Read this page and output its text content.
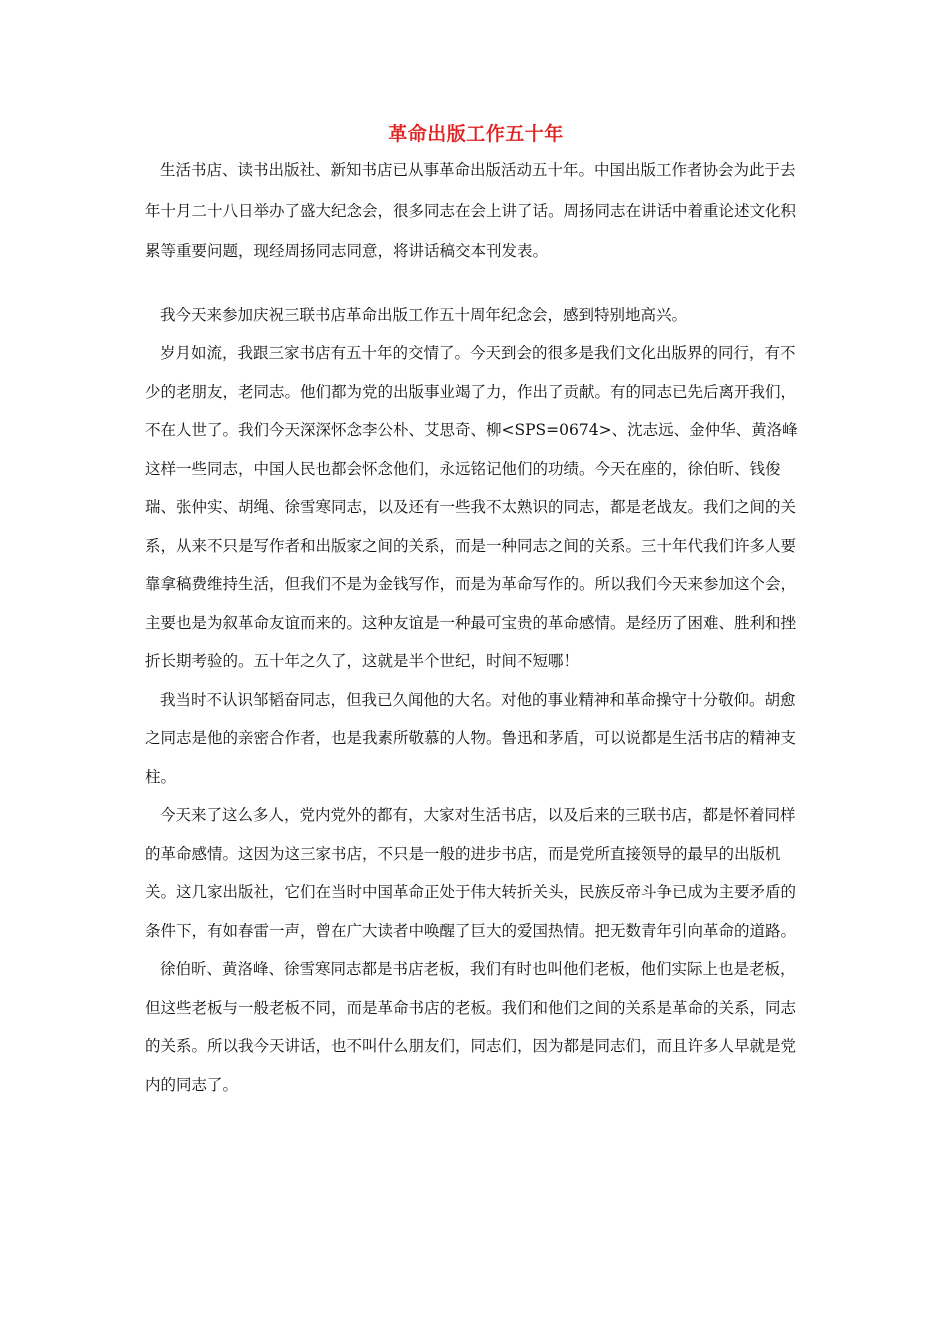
革命出版工作五十年

生活书店、读书出版社、新知书店已从事革命出版活动五十年。中国出版工作者协会为此于去年十月二十八日举办了盛大纪念会，很多同志在会上讲了话。周扬同志在讲话中着重论述文化积累等重要问题，现经周扬同志同意，将讲话稿交本刊发表。

我今天来参加庆祝三联书店革命出版工作五十周年纪念会，感到特别地高兴。

岁月如流，我跟三家书店有五十年的交情了。今天到会的很多是我们文化出版界的同行，有不少的老朋友，老同志。他们都为党的出版事业竭了力，作出了贡献。有的同志已先后离开我们，不在人世了。我们今天深深怀念李公朴、艾思奇、柳<SPS=0674>、沈志远、金仲华、黄洛峰这样一些同志，中国人民也都会怀念他们，永远铭记他们的功绩。今天在座的，徐伯昕、钱俊瑞、张仲实、胡绳、徐雪寒同志，以及还有一些我不太熟识的同志，都是老战友。我们之间的关系，从来不只是写作者和出版家之间的关系，而是一种同志之间的关系。三十年代我们许多人要靠拿稿费维持生活，但我们不是为金钱写作，而是为革命写作的。所以我们今天来参加这个会，主要也是为叙革命友谊而来的。这种友谊是一种最可宝贵的革命感情。是经历了困难、胜利和挫折长期考验的。五十年之久了，这就是半个世纪，时间不短哪！

我当时不认识邹韬奋同志，但我已久闻他的大名。对他的事业精神和革命操守十分敬仰。胡愈之同志是他的亲密合作者，也是我素所敬慕的人物。鲁迅和茅盾，可以说都是生活书店的精神支柱。

今天来了这么多人，党内党外的都有，大家对生活书店，以及后来的三联书店，都是怀着同样的革命感情。这因为这三家书店，不只是一般的进步书店，而是党所直接领导的最早的出版机关。这几家出版社，它们在当时中国革命正处于伟大转折关头，民族反帝斗争已成为主要矛盾的条件下，有如春雷一声，曾在广大读者中唤醒了巨大的爱国热情。把无数青年引向革命的道路。

徐伯昕、黄洛峰、徐雪寒同志都是书店老板，我们有时也叫他们老板，他们实际上也是老板，但这些老板与一般老板不同，而是革命书店的老板。我们和他们之间的关系是革命的关系，同志的关系。所以我今天讲话，也不叫什么朋友们，同志们，因为都是同志们，而且许多人早就是党内的同志了。
